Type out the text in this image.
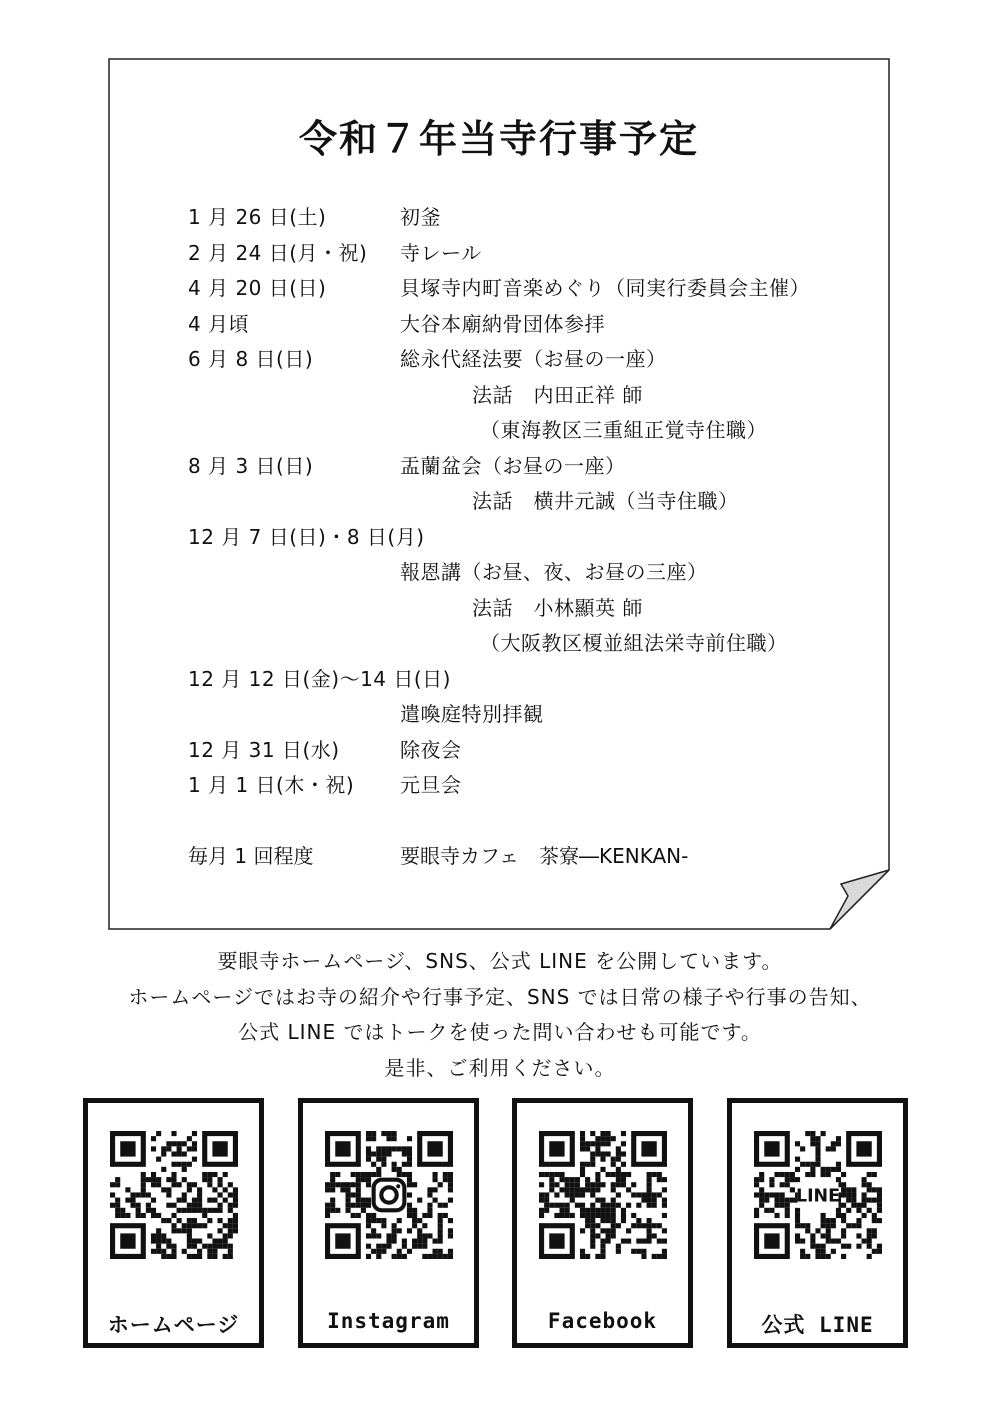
令和７年当寺行事予定
1 月 26 日(土)	初釜
2 月 24 日(月・祝) 寺レール
4 月 20 日(日)	貝塚寺内町音楽めぐり（同実行委員会主催）
4 月頃	大谷本廟納骨団体参拝
6 月 8 日(日)	総永代経法要（お昼の一座）
法話　内田正祥 師
（東海教区三重組正覚寺住職）
8 月 3 日(日)	盂蘭盆会（お昼の一座）
法話　横井元誠（当寺住職）
12 月 7 日(日)・8 日(月)
報恩講（お昼、夜、お昼の三座）
法話　小林顯英 師
（大阪教区榎並組法栄寺前住職）
12 月 12 日(金)～14 日(日)
遣喚庭特別拝観
12 月 31 日(水)	除夜会
1 月 1 日(木・祝) 元旦会
毎月 1 回程度	要眼寺カフェ　茶寮―KENKAN-
要眼寺ホームページ、SNS、公式 LINE を公開しています。
ホームページではお寺の紹介や行事予定、SNS では日常の様子や行事の告知、
公式 LINE ではトークを使った問い合わせも可能です。
是非、ご利用ください。
ホームページ	Instagram	Facebook
LINE
公式 LINE
